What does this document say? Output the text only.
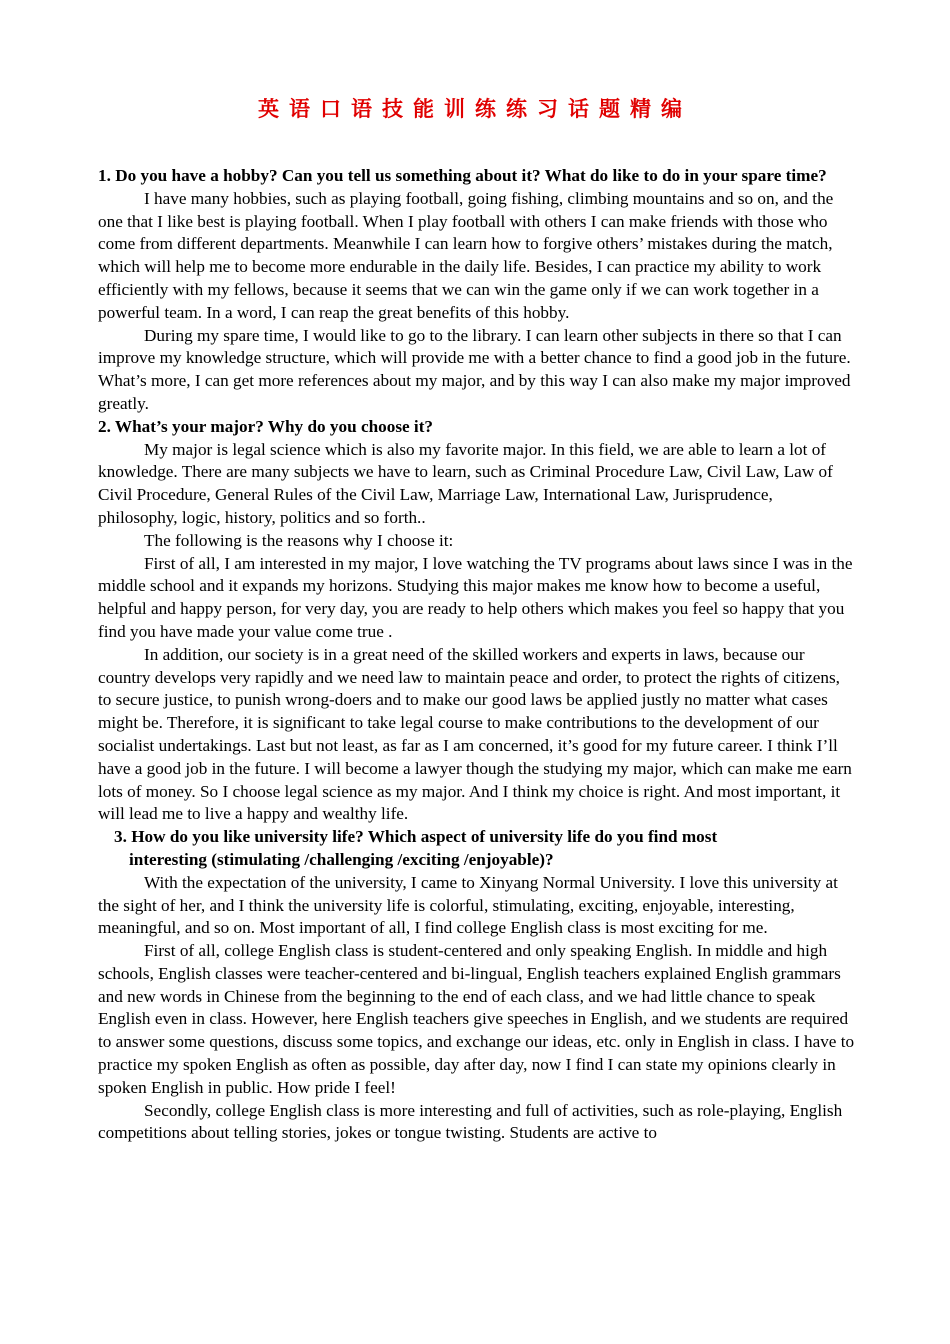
英语口语技能训练练习话题精编

1. Do you have a hobby? Can you tell us something about it? What do like to do in your spare time?

I have many hobbies, such as playing football, going fishing, climbing mountains and so on, and the one that I like best is playing football. When I play football with others I can make friends with those who come from different departments. Meanwhile I can learn how to forgive others’ mistakes during the match, which will help me to become more endurable in the daily life. Besides, I can practice my ability to work efficiently with my fellows, because it seems that we can win the game only if we can work together in a powerful team. In a word, I can reap the great benefits of this hobby.

During my spare time, I would like to go to the library. I can learn other subjects in there so that I can improve my knowledge structure, which will provide me with a better chance to find a good job in the future. What’s more, I can get more references about my major, and by this way I can also make my major improved greatly.

2. What’s your major? Why do you choose it?

My major is legal science which is also my favorite major. In this field, we are able to learn a lot of knowledge. There are many subjects we have to learn, such as Criminal Procedure Law, Civil Law, Law of Civil Procedure, General Rules of the Civil Law, Marriage Law, International Law, Jurisprudence, philosophy, logic, history, politics and so forth..

The following is the reasons why I choose it:

First of all, I am interested in my major, I love watching the TV programs about laws since I was in the middle school and it expands my horizons. Studying this major makes me know how to become a useful, helpful and happy person, for very day, you are ready to help others which makes you feel so happy that you find you have made your value come true .

In addition, our society is in a great need of the skilled workers and experts in laws, because our country develops very rapidly and we need law to maintain peace and order, to protect the rights of citizens, to secure justice, to punish wrong-doers and to make our good laws be applied justly no matter what cases might be. Therefore, it is significant to take legal course to make contributions to the development of our socialist undertakings. Last but not least, as far as I am concerned, it’s good for my future career. I think I’ll have a good job in the future. I will become a lawyer though the studying my major, which can make me earn lots of money. So I choose legal science as my major. And I think my choice is right. And most important, it will lead me to live a happy and wealthy life.

3. How do you like university life? Which aspect of university life do you find most
interesting (stimulating /challenging /exciting /enjoyable)?

With the expectation of the university, I came to Xinyang Normal University. I love this university at the sight of her, and I think the university life is colorful, stimulating, exciting, enjoyable, interesting, meaningful, and so on. Most important of all, I find college English class is most exciting for me.

First of all, college English class is student-centered and only speaking English. In middle and high schools, English classes were teacher-centered and bi-lingual, English teachers explained English grammars and new words in Chinese from the beginning to the end of each class, and we had little chance to speak English even in class. However, here English teachers give speeches in English, and we students are required to answer some questions, discuss some topics, and exchange our ideas, etc. only in English in class. I have to practice my spoken English as often as possible, day after day, now I find I can state my opinions clearly in spoken English in public. How pride I feel!

Secondly, college English class is more interesting and full of activities, such as role-playing, English competitions about telling stories, jokes or tongue twisting. Students are active to
